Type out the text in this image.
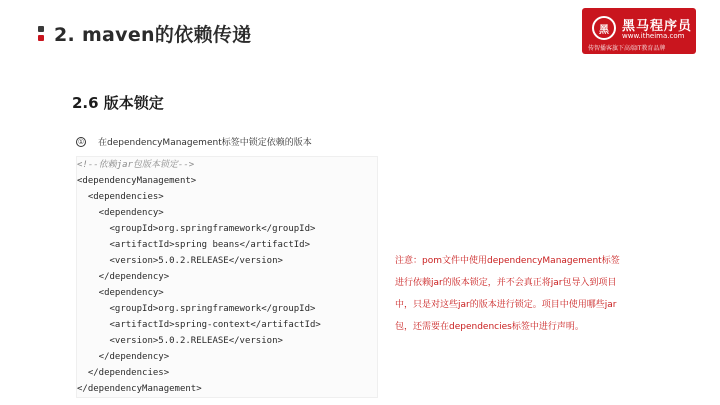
2. maven的依赖传递	黑	黑马程序员
www.itheima.com
传智播客旗下高端IT教育品牌
2.6 版本锁定
① 在dependencyManagement标签中锁定依赖的版本
<!--依赖jar包版本锁定-->
<dependencyManagement>
<dependencies>
<dependency>
<groupId>org.springframework</groupId>
<artifactId>spring beans</artifactId>
<version>5.0.2.RELEASE</version>
</dependency>
<dependency>
<groupId>org.springframework</groupId>
<artifactId>spring-context</artifactId>
<version>5.0.2.RELEASE</version>
</dependency>
</dependencies>
</dependencyManagement>
注意：pom文件中使用dependencyManagement标签
进行依赖jar的版本锁定，并不会真正将jar包导入到项目
中，只是对这些jar的版本进行锁定。项目中使用哪些jar
包，还需要在dependencies标签中进行声明。
